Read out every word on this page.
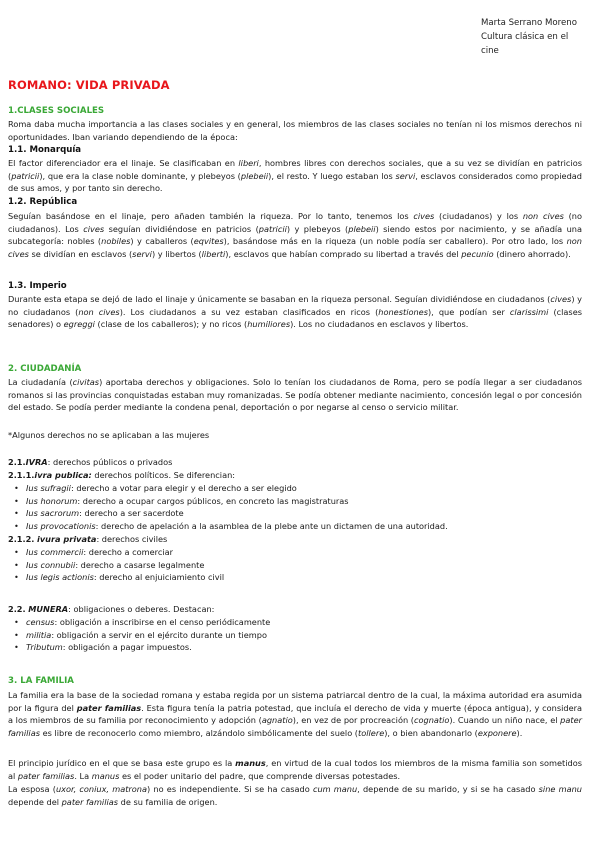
Marta Serrano Moreno
Cultura clásica en el cine
ROMANO: VIDA PRIVADA
1.CLASES SOCIALES
Roma daba mucha importancia a las clases sociales y en general, los miembros de las clases sociales no tenían ni los mismos derechos ni oportunidades. Iban variando dependiendo de la época:
1.1. Monarquía
El factor diferenciador era el linaje. Se clasificaban en liberi, hombres libres con derechos sociales, que a su vez se dividían en patricios (patricii), que era la clase noble dominante, y plebeyos (plebeii), el resto. Y luego estaban los servi, esclavos considerados como propiedad de sus amos, y por tanto sin derecho.
1.2. República
Seguían basándose en el linaje, pero añaden también la riqueza. Por lo tanto, tenemos los cives (ciudadanos) y los non cives (no ciudadanos). Los cives seguían dividiéndose en patricios (patricii) y plebeyos (plebeii) siendo estos por nacimiento, y se añadía una subcategoría: nobles (nobiles) y caballeros (eqvites), basándose más en la riqueza (un noble podía ser caballero). Por otro lado, los non cives se dividían en esclavos (servi) y libertos (liberti), esclavos que habían comprado su libertad a través del pecunio (dinero ahorrado).
1.3. Imperio
Durante esta etapa se dejó de lado el linaje y únicamente se basaban en la riqueza personal. Seguían dividiéndose en ciudadanos (cives) y no ciudadanos (non cives). Los ciudadanos a su vez estaban clasificados en ricos (honestiones), que podían ser clarissimi (clases senadores) o egreggi (clase de los caballeros); y no ricos (humiliores). Los no ciudadanos en esclavos y libertos.
2. CIUDADANÍA
La ciudadanía (civitas) aportaba derechos y obligaciones. Solo lo tenían los ciudadanos de Roma, pero se podía llegar a ser ciudadanos romanos si las provincias conquistadas estaban muy romanizadas. Se podía obtener mediante nacimiento, concesión legal o por concesión del estado. Se podía perder mediante la condena penal, deportación o por negarse al censo o servicio militar.
*Algunos derechos no se aplicaban a las mujeres
2.1.IVRA: derechos públicos o privados
2.1.1.ivra publica: derechos políticos. Se diferencian:
• Ius sufragii: derecho a votar para elegir y el derecho a ser elegido
• Ius honorum: derecho a ocupar cargos públicos, en concreto las magistraturas
• Ius sacrorum: derecho a ser sacerdote
• Ius provocationis: derecho de apelación a la asamblea de la plebe ante un dictamen de una autoridad.
2.1.2. ivura privata: derechos civiles
• Ius commercii: derecho a comerciar
• Ius connubii: derecho a casarse legalmente
• Ius legis actionis: derecho al enjuiciamiento civil
2.2. MUNERA: obligaciones o deberes. Destacan:
• census: obligación a inscribirse en el censo periódicamente
• militia: obligación a servir en el ejército durante un tiempo
• Tributum: obligación a pagar impuestos.
3. LA FAMILIA
La familia era la base de la sociedad romana y estaba regida por un sistema patriarcal dentro de la cual, la máxima autoridad era asumida por la figura del pater familias. Esta figura tenía la patria potestad, que incluía el derecho de vida y muerte (época antigua), y considera a los miembros de su familia por reconocimiento y adopción (agnatio), en vez de por procreación (cognatio). Cuando un niño nace, el pater familias es libre de reconocerlo como miembro, alzándolo simbólicamente del suelo (tollere), o bien abandonarlo (exponere).
El principio jurídico en el que se basa este grupo es la manus, en virtud de la cual todos los miembros de la misma familia son sometidos al pater familias. La manus es el poder unitario del padre, que comprende diversas potestades.
La esposa (uxor, coniux, matrona) no es independiente. Si se ha casado cum manu, depende de su marido, y si se ha casado sine manu depende del pater familias de su familia de origen.
